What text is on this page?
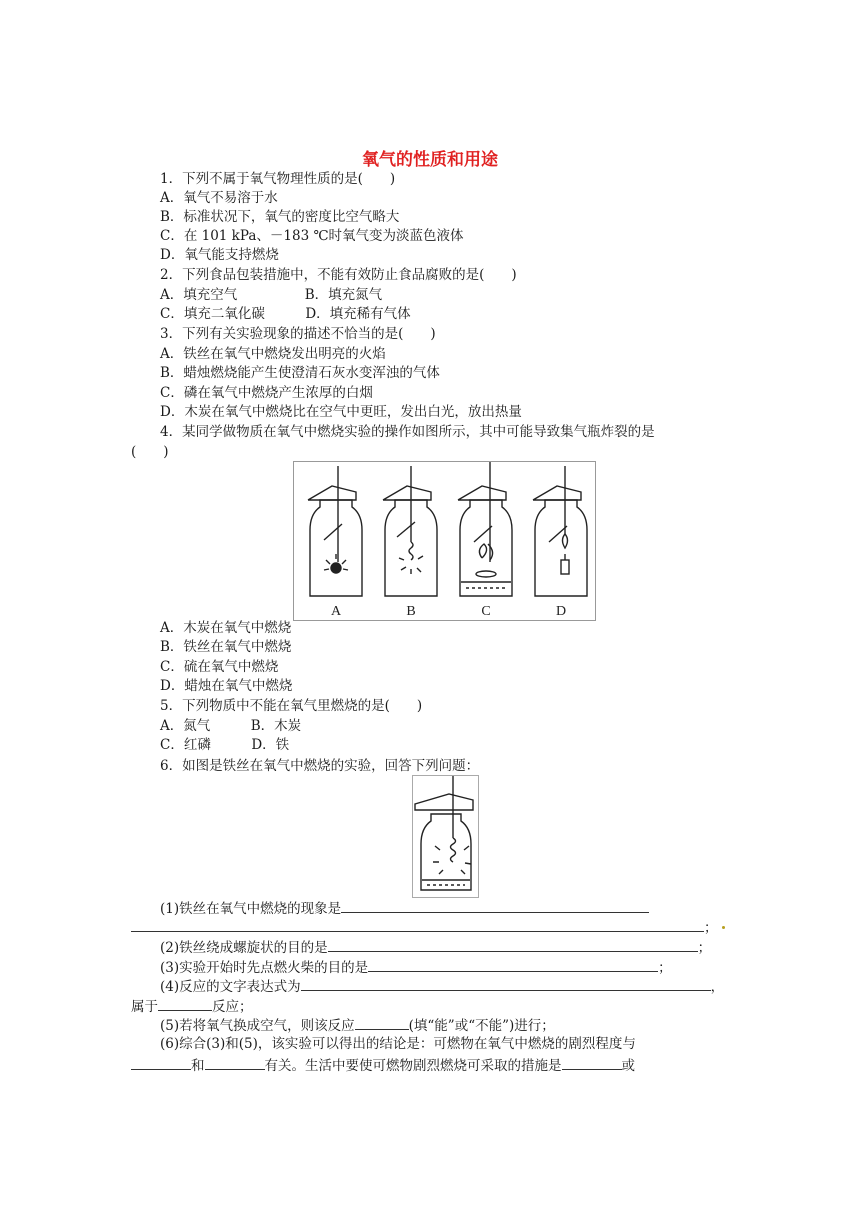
氧气的性质和用途
1．下列不属于氧气物理性质的是(　　)
A．氧气不易溶于水
B．标准状况下，氧气的密度比空气略大
C．在 101 kPa、－183 ℃时氧气变为淡蓝色液体
D．氧气能支持燃烧
2．下列食品包装措施中，不能有效防止食品腐败的是(　　)
A．填充空气　　　　　B．填充氮气
C．填充二氧化碳　　　D．填充稀有气体
3．下列有关实验现象的描述不恰当的是(　　)
A．铁丝在氧气中燃烧发出明亮的火焰
B．蜡烛燃烧能产生使澄清石灰水变浑浊的气体
C．磷在氧气中燃烧产生浓厚的白烟
D．木炭在氧气中燃烧比在空气中更旺，发出白光，放出热量
4．某同学做物质在氧气中燃烧实验的操作如图所示，其中可能导致集气瓶炸裂的是
(　　)
A	B	C	D
A．木炭在氧气中燃烧
B．铁丝在氧气中燃烧
C．硫在氧气中燃烧
D．蜡烛在氧气中燃烧
5．下列物质中不能在氧气里燃烧的是(　　)
A．氮气　　　B．木炭
C．红磷　　　D．铁
6．如图是铁丝在氧气中燃烧的实验，回答下列问题：
(1)铁丝在氧气中燃烧的现象是
；
(2)铁丝绕成螺旋状的目的是	；
(3)实验开始时先点燃火柴的目的是	；
(4)反应的文字表达式为	，
属于	反应；
(5)若将氧气换成空气，则该反应	(填“能”或“不能”)进行；
(6)综合(3)和(5)，该实验可以得出的结论是：可燃物在氧气中燃烧的剧烈程度与
和	有关。生活中要使可燃物剧烈燃烧可采取的措施是	或
